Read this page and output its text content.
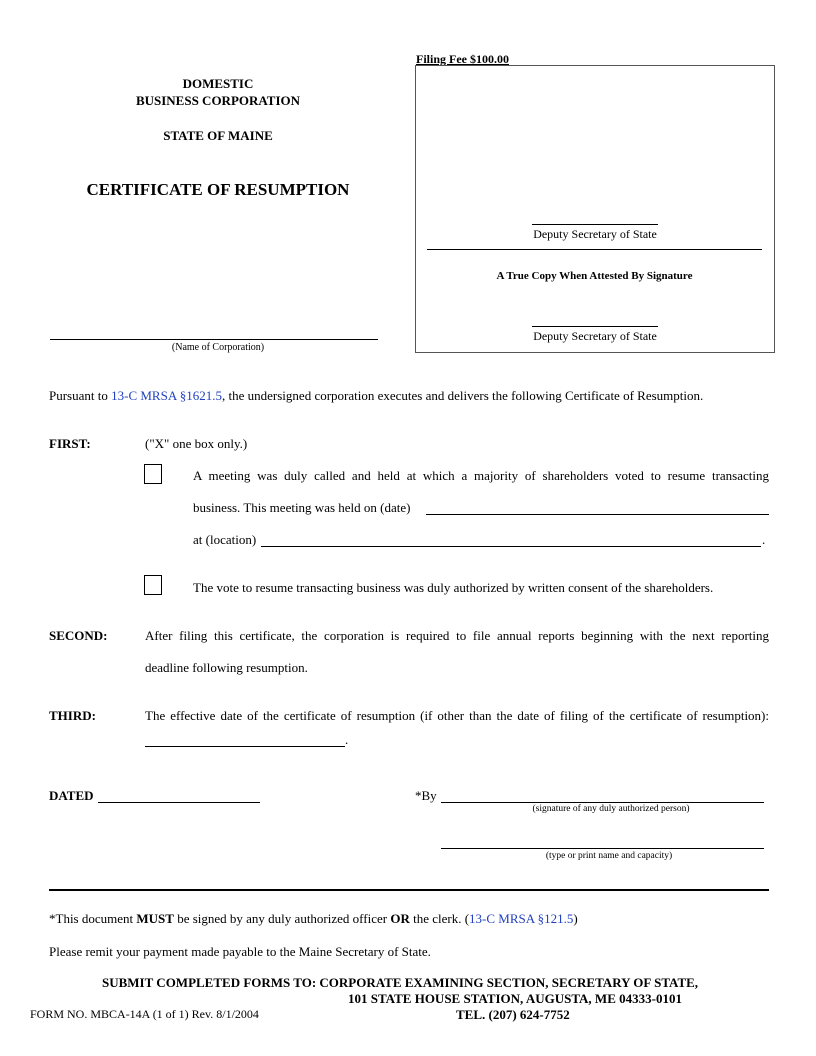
DOMESTIC
BUSINESS CORPORATION
STATE OF MAINE
CERTIFICATE OF RESUMPTION
(Name of Corporation)
Filing Fee $100.00
Deputy Secretary of State
A True Copy When Attested By Signature
Deputy Secretary of State
Pursuant to 13-C MRSA §1621.5, the undersigned corporation executes and delivers the following Certificate of Resumption.
FIRST:	("X" one box only.)
A meeting was duly called and held at which a majority of shareholders voted to resume transacting
business. This meeting was held on (date)
at (location)	.
The vote to resume transacting business was duly authorized by written consent of the shareholders.
SECOND:	After filing this certificate, the corporation is required to file annual reports beginning with the next reporting
deadline following resumption.
THIRD:	The effective date of the certificate of resumption (if other than the date of filing of the certificate of resumption):
.
DATED	*By
(signature of any duly authorized person)
(type or print name and capacity)
*This document MUST be signed by any duly authorized officer OR the clerk. (13-C MRSA §121.5)
Please remit your payment made payable to the Maine Secretary of State.
SUBMIT COMPLETED FORMS TO: CORPORATE EXAMINING SECTION, SECRETARY OF STATE,
101 STATE HOUSE STATION, AUGUSTA, ME 04333-0101
FORM NO. MBCA-14A (1 of 1) Rev. 8/1/2004	TEL. (207) 624-7752
